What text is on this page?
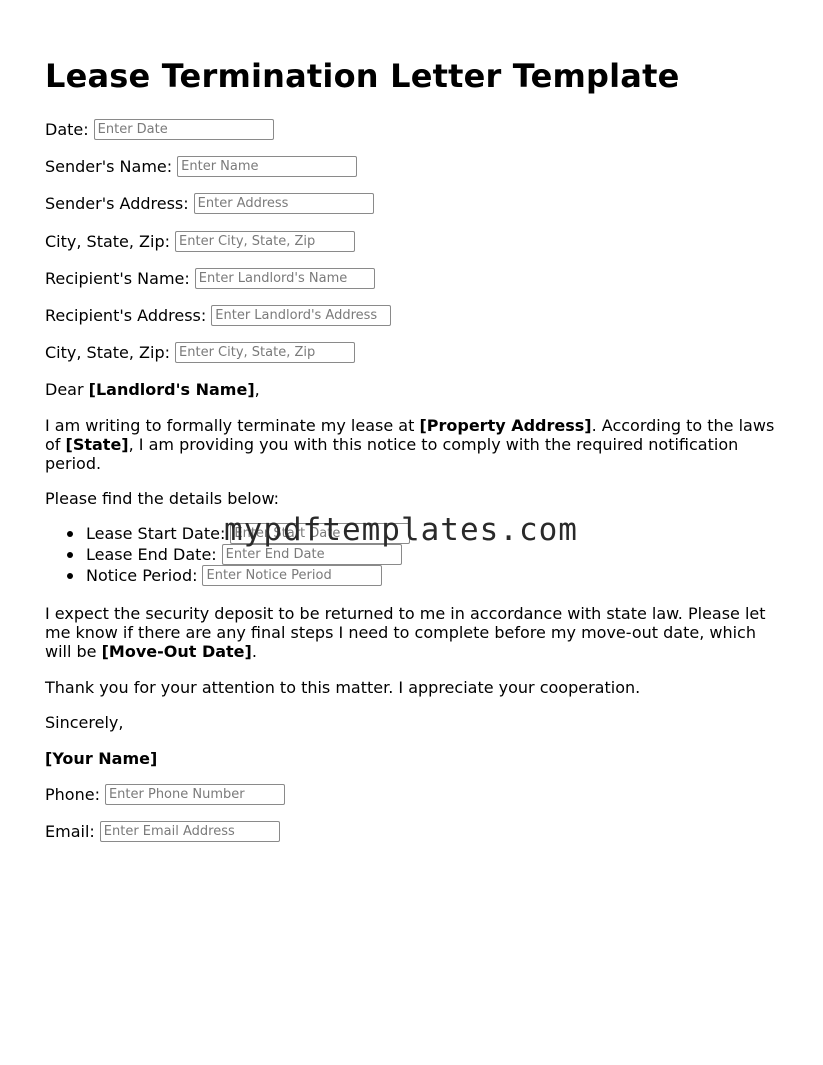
Lease Termination Letter Template
Date:
Enter Date
Sender's Name:
Enter Name
Sender's Address:
Enter Address
City, State, Zip:
Enter City, State, Zip
Recipient's Name:
Enter Landlord's Name
Recipient's Address:
Enter Landlord's Address
City, State, Zip:
Enter City, State, Zip

Dear [Landlord's Name],

I am writing to formally terminate my lease at [Property Address]. According to the laws of [State], I am providing you with this notice to comply with the required notification period.

Please find the details below:

Lease Start Date:
Enter Start Date
Lease End Date:
Enter End Date
Notice Period:
Enter Notice Period

I expect the security deposit to be returned to me in accordance with state law. Please let me know if there are any final steps I need to complete before my move-out date, which will be [Move-Out Date].

Thank you for your attention to this matter. I appreciate your cooperation.

Sincerely,

[Your Name]

Phone:
Enter Phone Number
Email:
Enter Email Address
mypdftemplates.com
